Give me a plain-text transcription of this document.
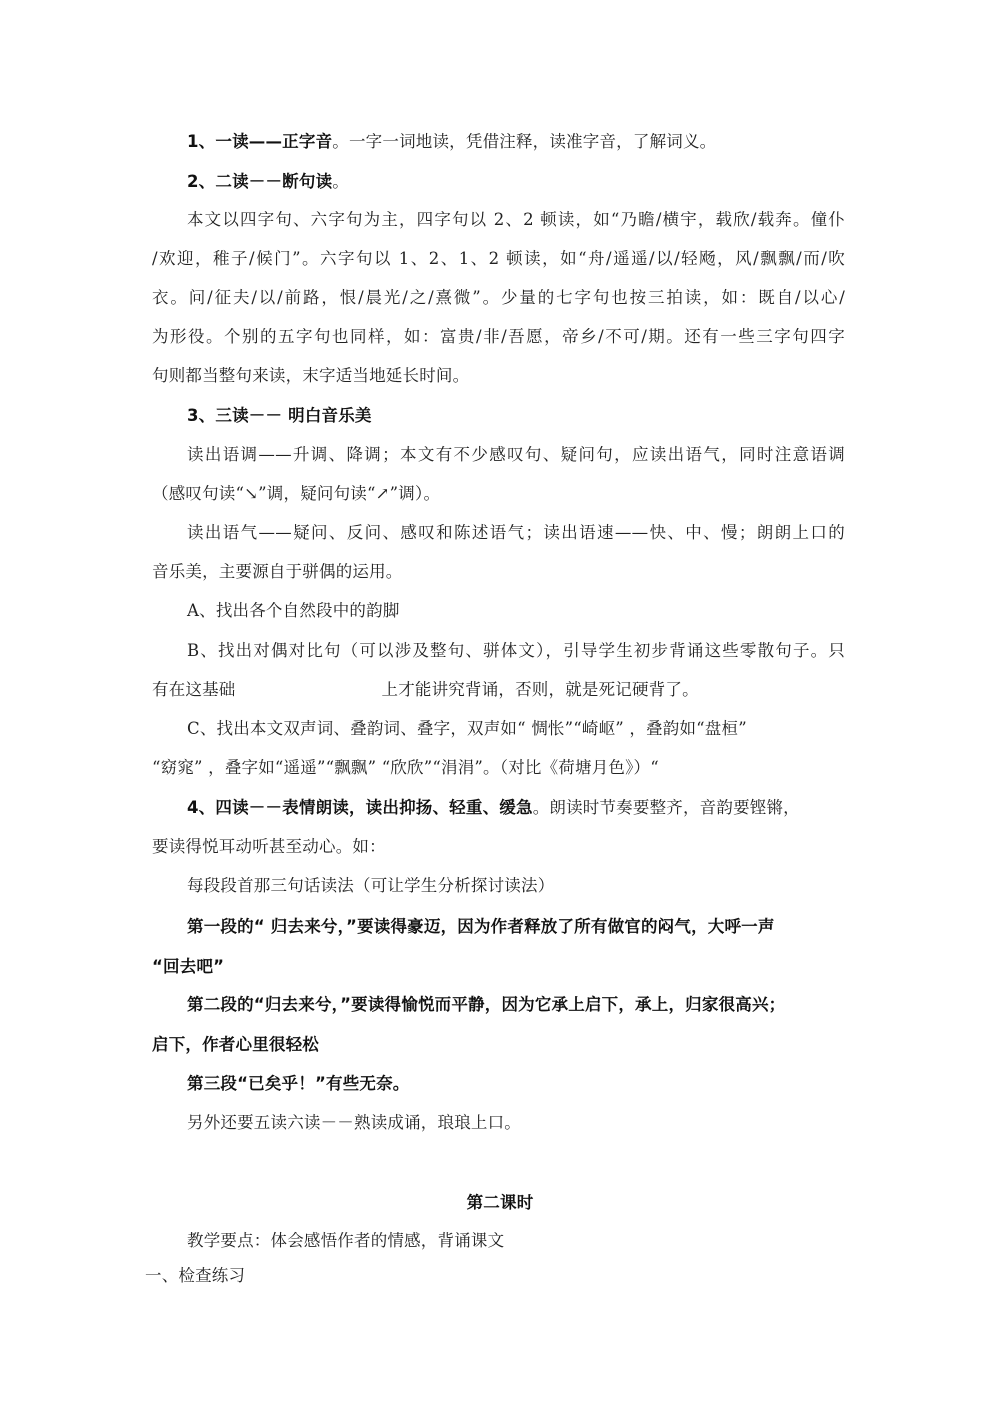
1、一读——正字音。一字一词地读，凭借注释，读准字音，了解词义。
2、二读－－断句读。
本文以四字句、六字句为主，四字句以 2、2 顿读，如“乃瞻/横宇，载欣/载奔。僮仆
/欢迎，稚子/候门”。六字句以 1、2、1、2 顿读，如“舟/遥遥/以/轻飏，风/飘飘/而/吹
衣。问/征夫/以/前路，恨/晨光/之/熹微”。少量的七字句也按三拍读，如：既自/以心/
为形役。个别的五字句也同样，如：富贵/非/吾愿，帝乡/不可/期。还有一些三字句四字
句则都当整句来读，末字适当地延长时间。
3、三读－－ 明白音乐美
读出语调——升调、降调；本文有不少感叹句、疑问句，应读出语气，同时注意语调
（感叹句读“↘”调，疑问句读“↗”调）。
读出语气——疑问、反问、感叹和陈述语气；读出语速——快、中、慢；朗朗上口的
音乐美，主要源自于骈偶的运用。
A、找出各个自然段中的韵脚
B、找出对偶对比句（可以涉及整句、骈体文），引导学生初步背诵这些零散句子。只
有在这基础	上才能讲究背诵，否则，就是死记硬背了。
C、找出本文双声词、叠韵词、叠字，双声如“ 惆怅”“崎岖” ，叠韵如“盘桓”
“窈窕” ，叠字如“遥遥”“飘飘” “欣欣”“涓涓”。（对比《荷塘月色》）“
4、四读－－表情朗读，读出抑扬、轻重、缓急。朗读时节奏要整齐，音韵要铿锵，
要读得悦耳动听甚至动心。如：
每段段首那三句话读法（可让学生分析探讨读法）
第一段的“ 归去来兮，”要读得豪迈，因为作者释放了所有做官的闷气，大呼一声
“回去吧”
第二段的“归去来兮，”要读得愉悦而平静，因为它承上启下，承上，归家很高兴；
启下，作者心里很轻松
第三段“已矣乎！”有些无奈。
另外还要五读六读－－熟读成诵，琅琅上口。
第二课时
教学要点：体会感悟作者的情感，背诵课文
一、检查练习
